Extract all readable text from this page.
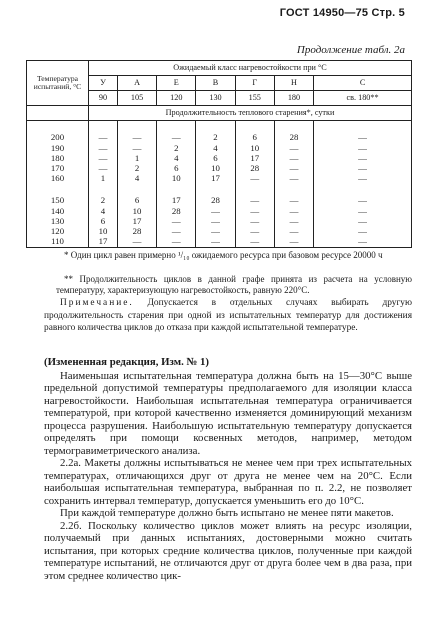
ГОСТ 14950—75 Стр. 5
Продолжение табл. 2а
Температура испытаний, °С	Ожидаемый класс нагревостойкости при °С						
	У	А	Е	В	Г	Н	С
	90	105	120	130	155	180	св. 180**
	Продолжительность теплового старения*, сутки						

200	—	—	—	2	6	28	—
190	—	—	2	4	10	—	—
180	—	1	4	6	17	—	—
170	—	2	6	10	28	—	—
160	1	4	10	17	—	—	—

150	2	6	17	28	—	—	—
140	4	10	28	—	—	—	—
130	6	17	—	—	—	—	—
120	10	28	—	—	—	—	—
110	17	—	—	—	—	—	—
* Один цикл равен примерно ¹/₁₀ ожидаемого ресурса при базовом ресурсе 20000 ч
** Продолжительность циклов в данной графе принята из расчета на условную температуру, характеризующую нагревостойкость, равную 220°С.
Примечание. Допускается в отдельных случаях выбирать другую продолжительность старения при одной из испытательных температур для достижения равного количества циклов до отказа при каждой испытательной температуре.

(Измененная редакция, Изм. № 1)

Наименьшая испытательная температура должна быть на 15—30°С выше предельной допустимой температуры предполагаемого для изоляции класса нагревостойкости. Наибольшая испытательная температура ограничивается температурой, при которой качественно изменяется доминирующий механизм процесса разрушения. Наибольшую испытательную температуру допускается определять при помощи косвенных методов, например, методом термогравиметрического анализа.

2.2а. Макеты должны испытываться не менее чем при трех испытательных температурах, отличающихся друг от друга не менее чем на 20°С. Если наибольшая испытательная температура, выбранная по п. 2.2, не позволяет сохранить интервал температур, допускается уменьшить его до 10°С.

При каждой температуре должно быть испытано не менее пяти макетов.

2.2б. Поскольку количество циклов может влиять на ресурс изоляции, получаемый при данных испытаниях, достоверными можно считать испытания, при которых средние количества циклов, полученные при каждой температуре испытаний, не отличаются друг от друга более чем в два раза, при этом среднее количество цик-
